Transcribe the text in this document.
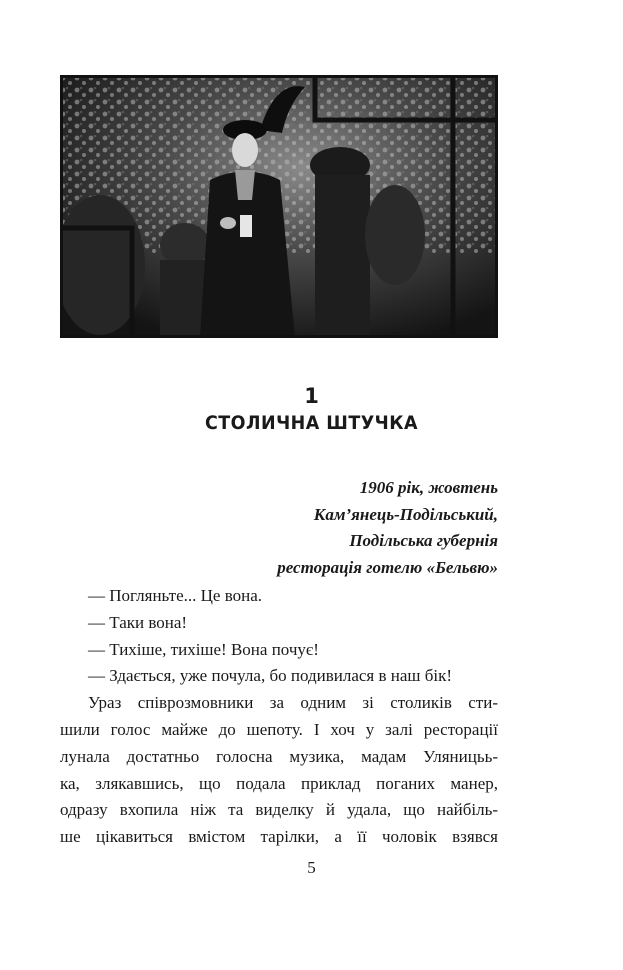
1
СТОЛИЧНА ШТУЧКА
1906 рік, жовтень
Кам’янець-Подільський,
Подільська губернія
ресторація готелю «Бельвю»

— Погляньте... Це вона.

— Таки вона!

— Тихіше, тихіше! Вона почує!

— Здається, уже почула, бо подивилася в наш бік!

Ураз співрозмовники за одним зі столиків сти-

шили голос майже до шепоту. І хоч у залі ресторації

лунала достатньо голосна музика, мадам Уляницьь-

ка, злякавшись, що подала приклад поганих манер,

одразу вхопила ніж та виделку й удала, що найбіль-

ше цікавиться вмістом тарілки, а її чоловік взявся

5
